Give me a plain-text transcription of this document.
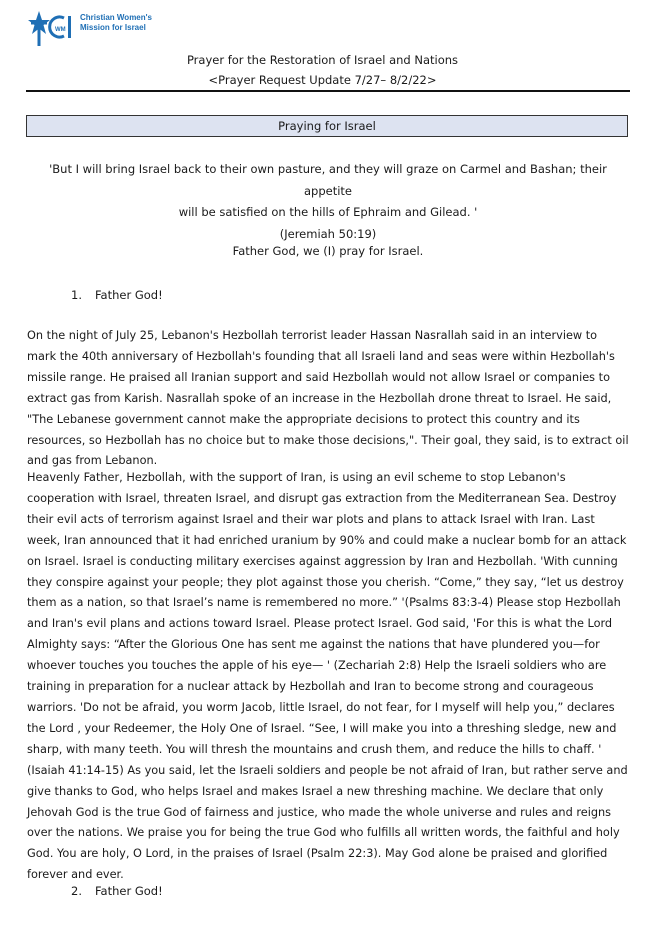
WM
Christian Women's
Mission for Israel
Prayer for the Restoration of Israel and Nations
<Prayer Request Update 7/27– 8/2/22>
Praying for Israel
'But I will bring Israel back to their own pasture, and they will graze on Carmel and Bashan; their appetite
will be satisfied on the hills of Ephraim and Gilead. '
(Jeremiah 50:19)
Father God, we (I) pray for Israel.
1. Father God!
On the night of July 25, Lebanon's Hezbollah terrorist leader Hassan Nasrallah said in an interview to mark the 40th anniversary of Hezbollah's founding that all Israeli land and seas were within Hezbollah's missile range. He praised all Iranian support and said Hezbollah would not allow Israel or companies to extract gas from Karish. Nasrallah spoke of an increase in the Hezbollah drone threat to Israel. He said, "The Lebanese government cannot make the appropriate decisions to protect this country and its resources, so Hezbollah has no choice but to make those decisions,". Their goal, they said, is to extract oil and gas from Lebanon.
Heavenly Father, Hezbollah, with the support of Iran, is using an evil scheme to stop Lebanon's cooperation with Israel, threaten Israel, and disrupt gas extraction from the Mediterranean Sea. Destroy their evil acts of terrorism against Israel and their war plots and plans to attack Israel with Iran. Last week, Iran announced that it had enriched uranium by 90% and could make a nuclear bomb for an attack on Israel. Israel is conducting military exercises against aggression by Iran and Hezbollah. 'With cunning they conspire against your people; they plot against those you cherish. “Come,” they say, “let us destroy them as a nation, so that Israel’s name is remembered no more.” '(Psalms 83:3-4) Please stop Hezbollah and Iran's evil plans and actions toward Israel. Please protect Israel. God said, 'For this is what the Lord Almighty says: “After the Glorious One has sent me against the nations that have plundered you—for whoever touches you touches the apple of his eye— ' (Zechariah 2:8) Help the Israeli soldiers who are training in preparation for a nuclear attack by Hezbollah and Iran to become strong and courageous warriors. 'Do not be afraid, you worm Jacob, little Israel, do not fear, for I myself will help you,” declares the Lord , your Redeemer, the Holy One of Israel. “See, I will make you into a threshing sledge, new and sharp, with many teeth. You will thresh the mountains and crush them, and reduce the hills to chaff. ' (Isaiah 41:14-15) As you said, let the Israeli soldiers and people be not afraid of Iran, but rather serve and give thanks to God, who helps Israel and makes Israel a new threshing machine. We declare that only Jehovah God is the true God of fairness and justice, who made the whole universe and rules and reigns over the nations. We praise you for being the true God who fulfills all written words, the faithful and holy God. You are holy, O Lord, in the praises of Israel (Psalm 22:3). May God alone be praised and glorified forever and ever.
2. Father God!
